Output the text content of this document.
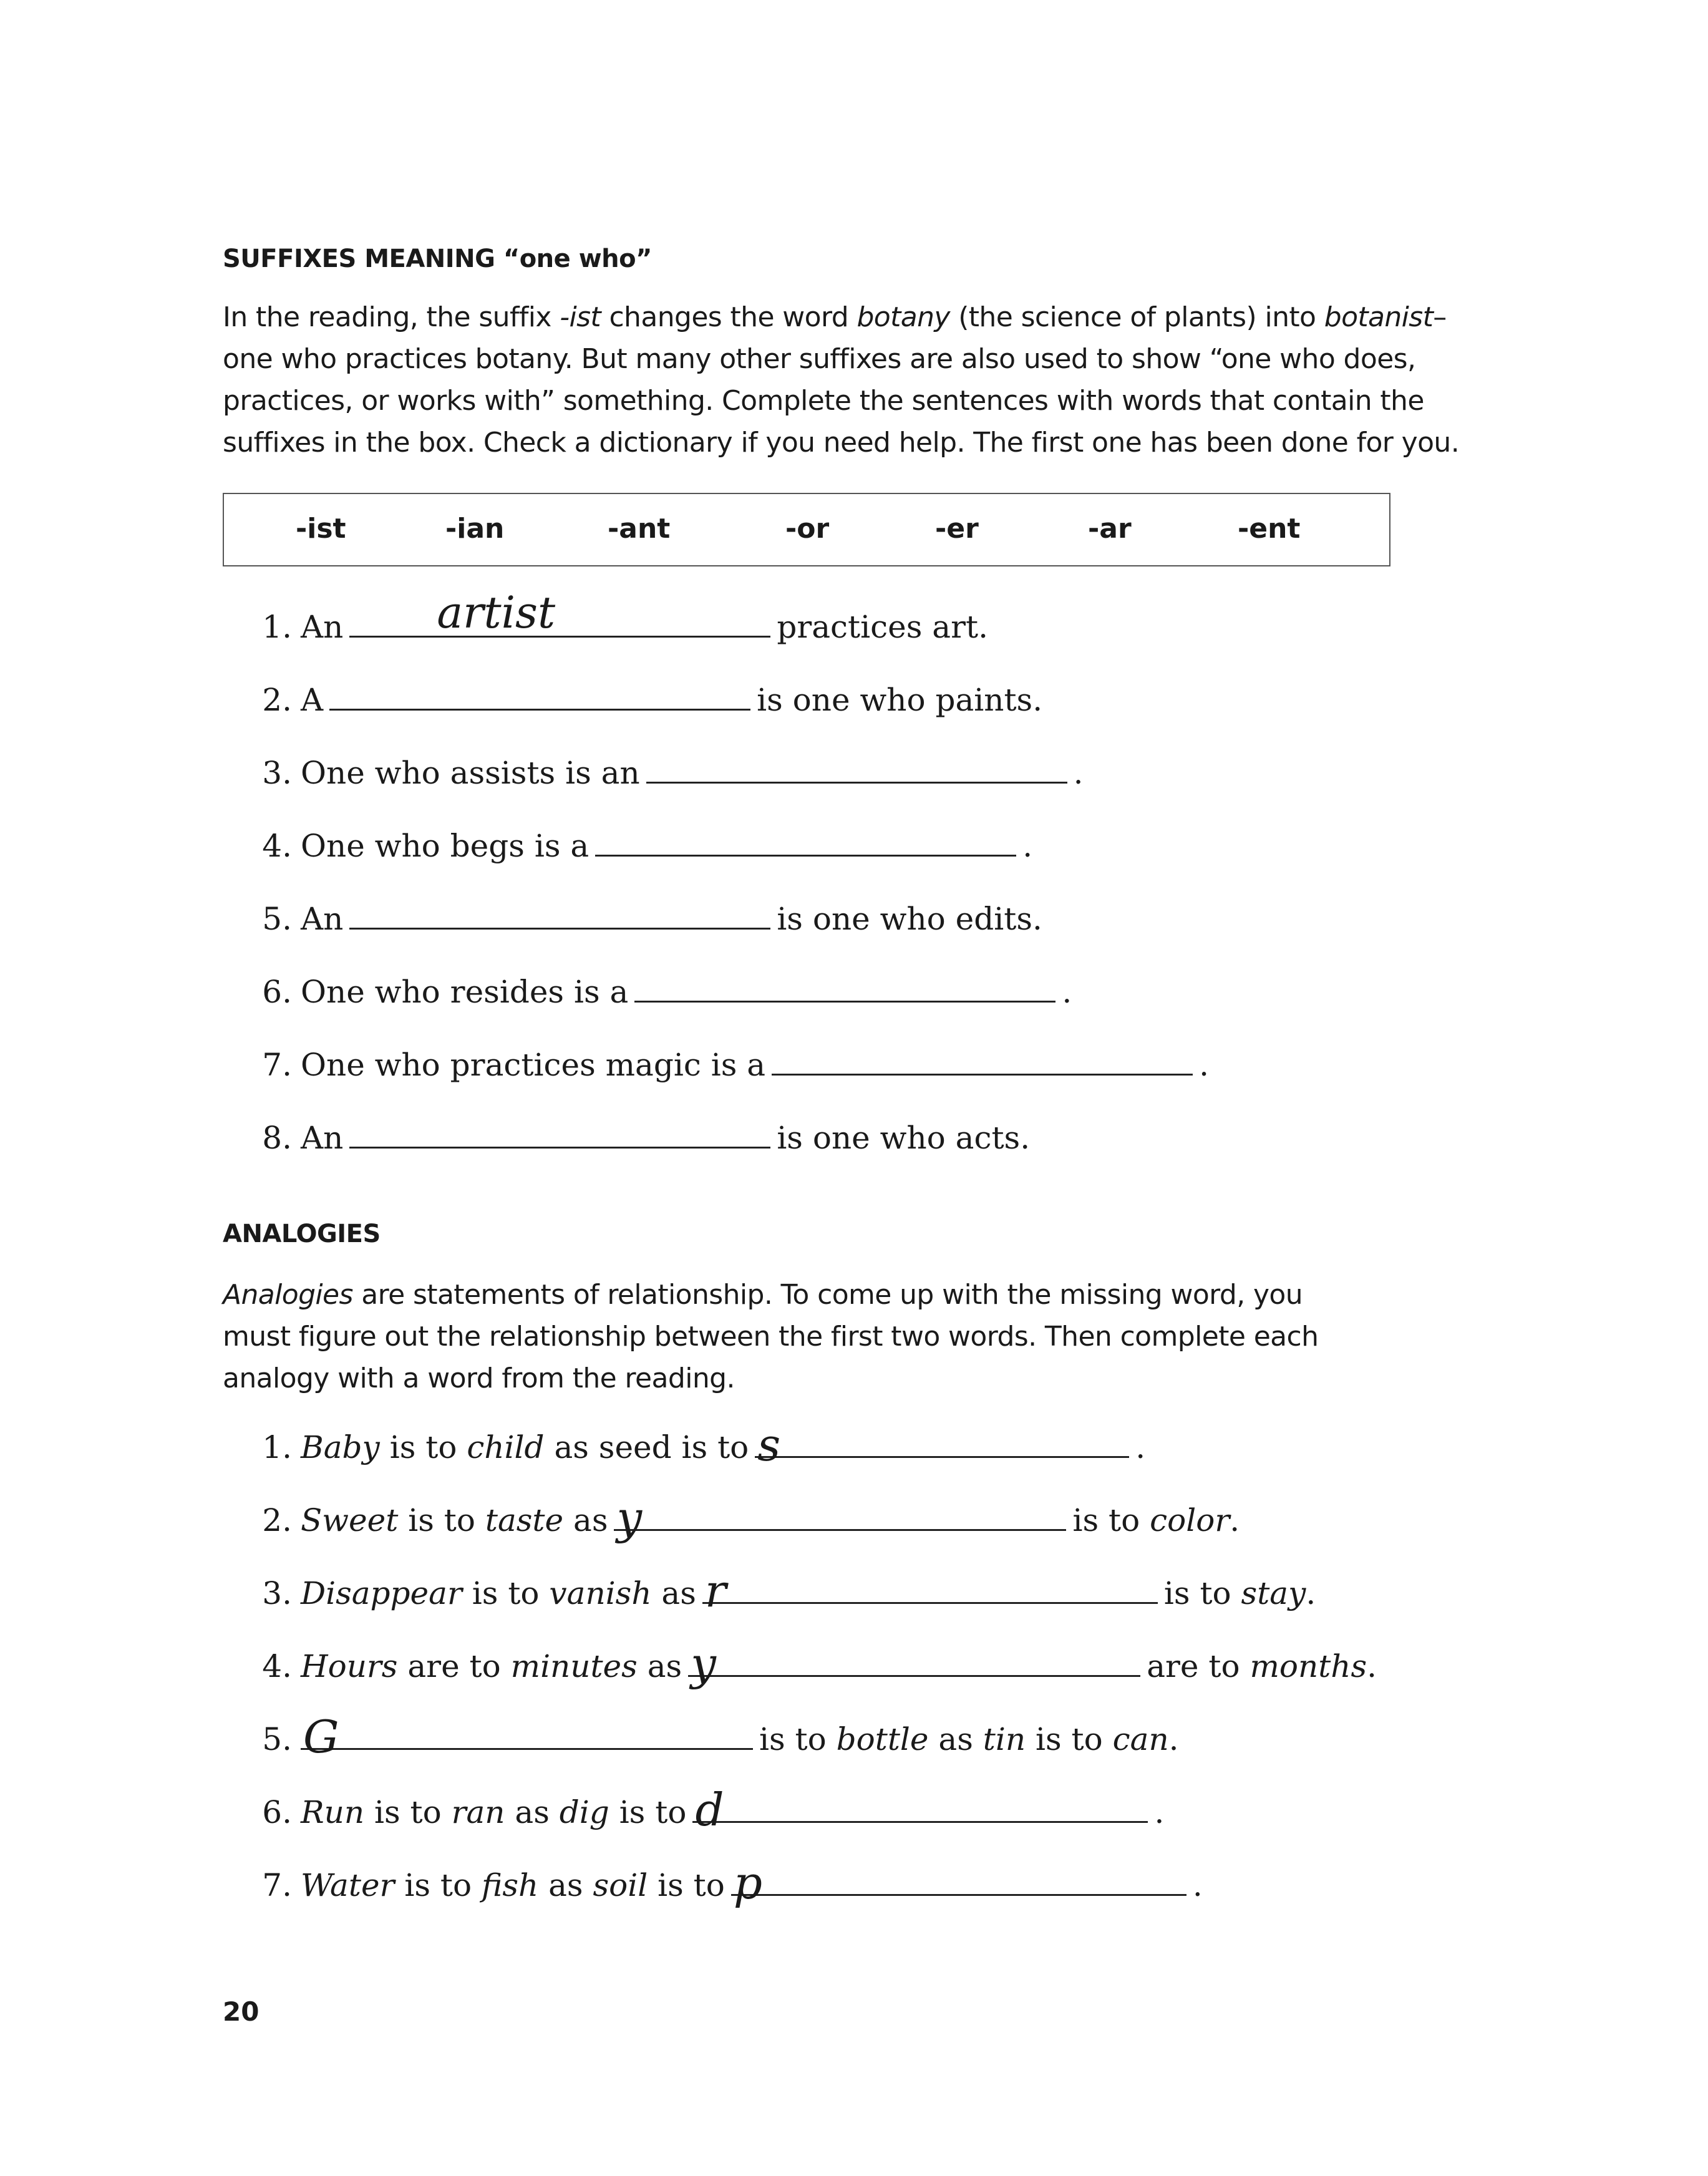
SUFFIXES MEANING “one who”
In the reading, the suffix -ist changes the word botany (the science of plants) into botanist–
one who practices botany. But many other suffixes are also used to show “one who does,
practices, or works with” something. Complete the sentences with words that contain the
suffixes in the box. Check a dictionary if you need help. The first one has been done for you.
-ist	-ian	-ant	-or	-er	-ar	-ent
1. An artist	practices art.
2. A	is one who paints.
3. One who assists is an	.
4. One who begs is a	.
5. An	is one who edits.
6. One who resides is a	.
7. One who practices magic is a	.
8. An	is one who acts.
ANALOGIES
Analogies are statements of relationship. To come up with the missing word, you
must figure out the relationship between the first two words. Then complete each
analogy with a word from the reading.
1. Baby is to child as seed is to s	.
2. Sweet is to taste as y	is to color .
3. Disappear is to vanish as r	is to stay .
4. Hours are to minutes as y	are to months .
5. G	is to bottle as tin is to can .
6. Run is to ran as dig is to d	.
7. Water is to fish as soil is to p	.
20
